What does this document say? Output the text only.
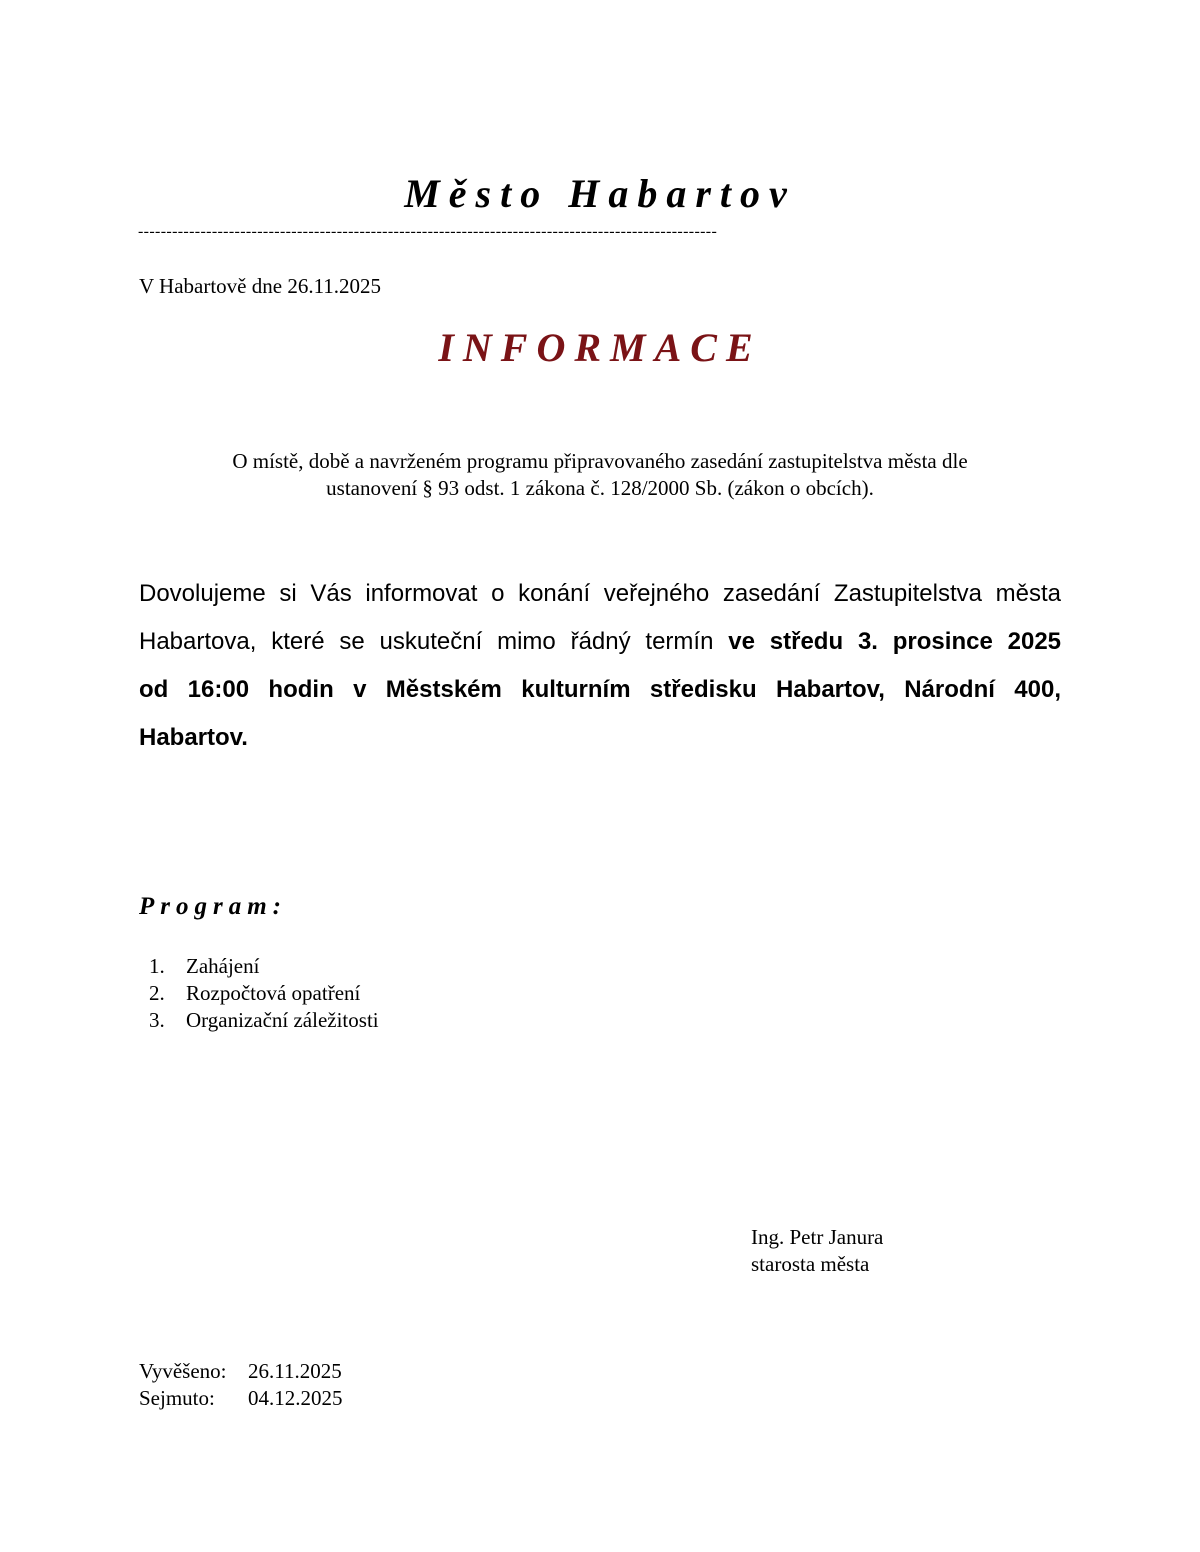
Město Habartov
------------------------------------------------------------------------------------------------------
V Habartově dne 26.11.2025
INFORMACE
O místě, době a navrženém programu připravovaného zasedání zastupitelstva města dle
ustanovení § 93 odst. 1 zákona č. 128/2000 Sb. (zákon o obcích).
Dovolujeme si Vás informovat o konání veřejného zasedání Zastupitelstva města
Habartova, které se uskuteční mimo řádný termín ve středu 3. prosince 2025
od 16:00 hodin v Městském kulturním středisku Habartov, Národní 400,
Habartov.
Program:
1. Zahájení
2. Rozpočtová opatření
3. Organizační záležitosti
Ing. Petr Janura
starosta města
Vyvěšeno: 26.11.2025
Sejmuto: 04.12.2025
